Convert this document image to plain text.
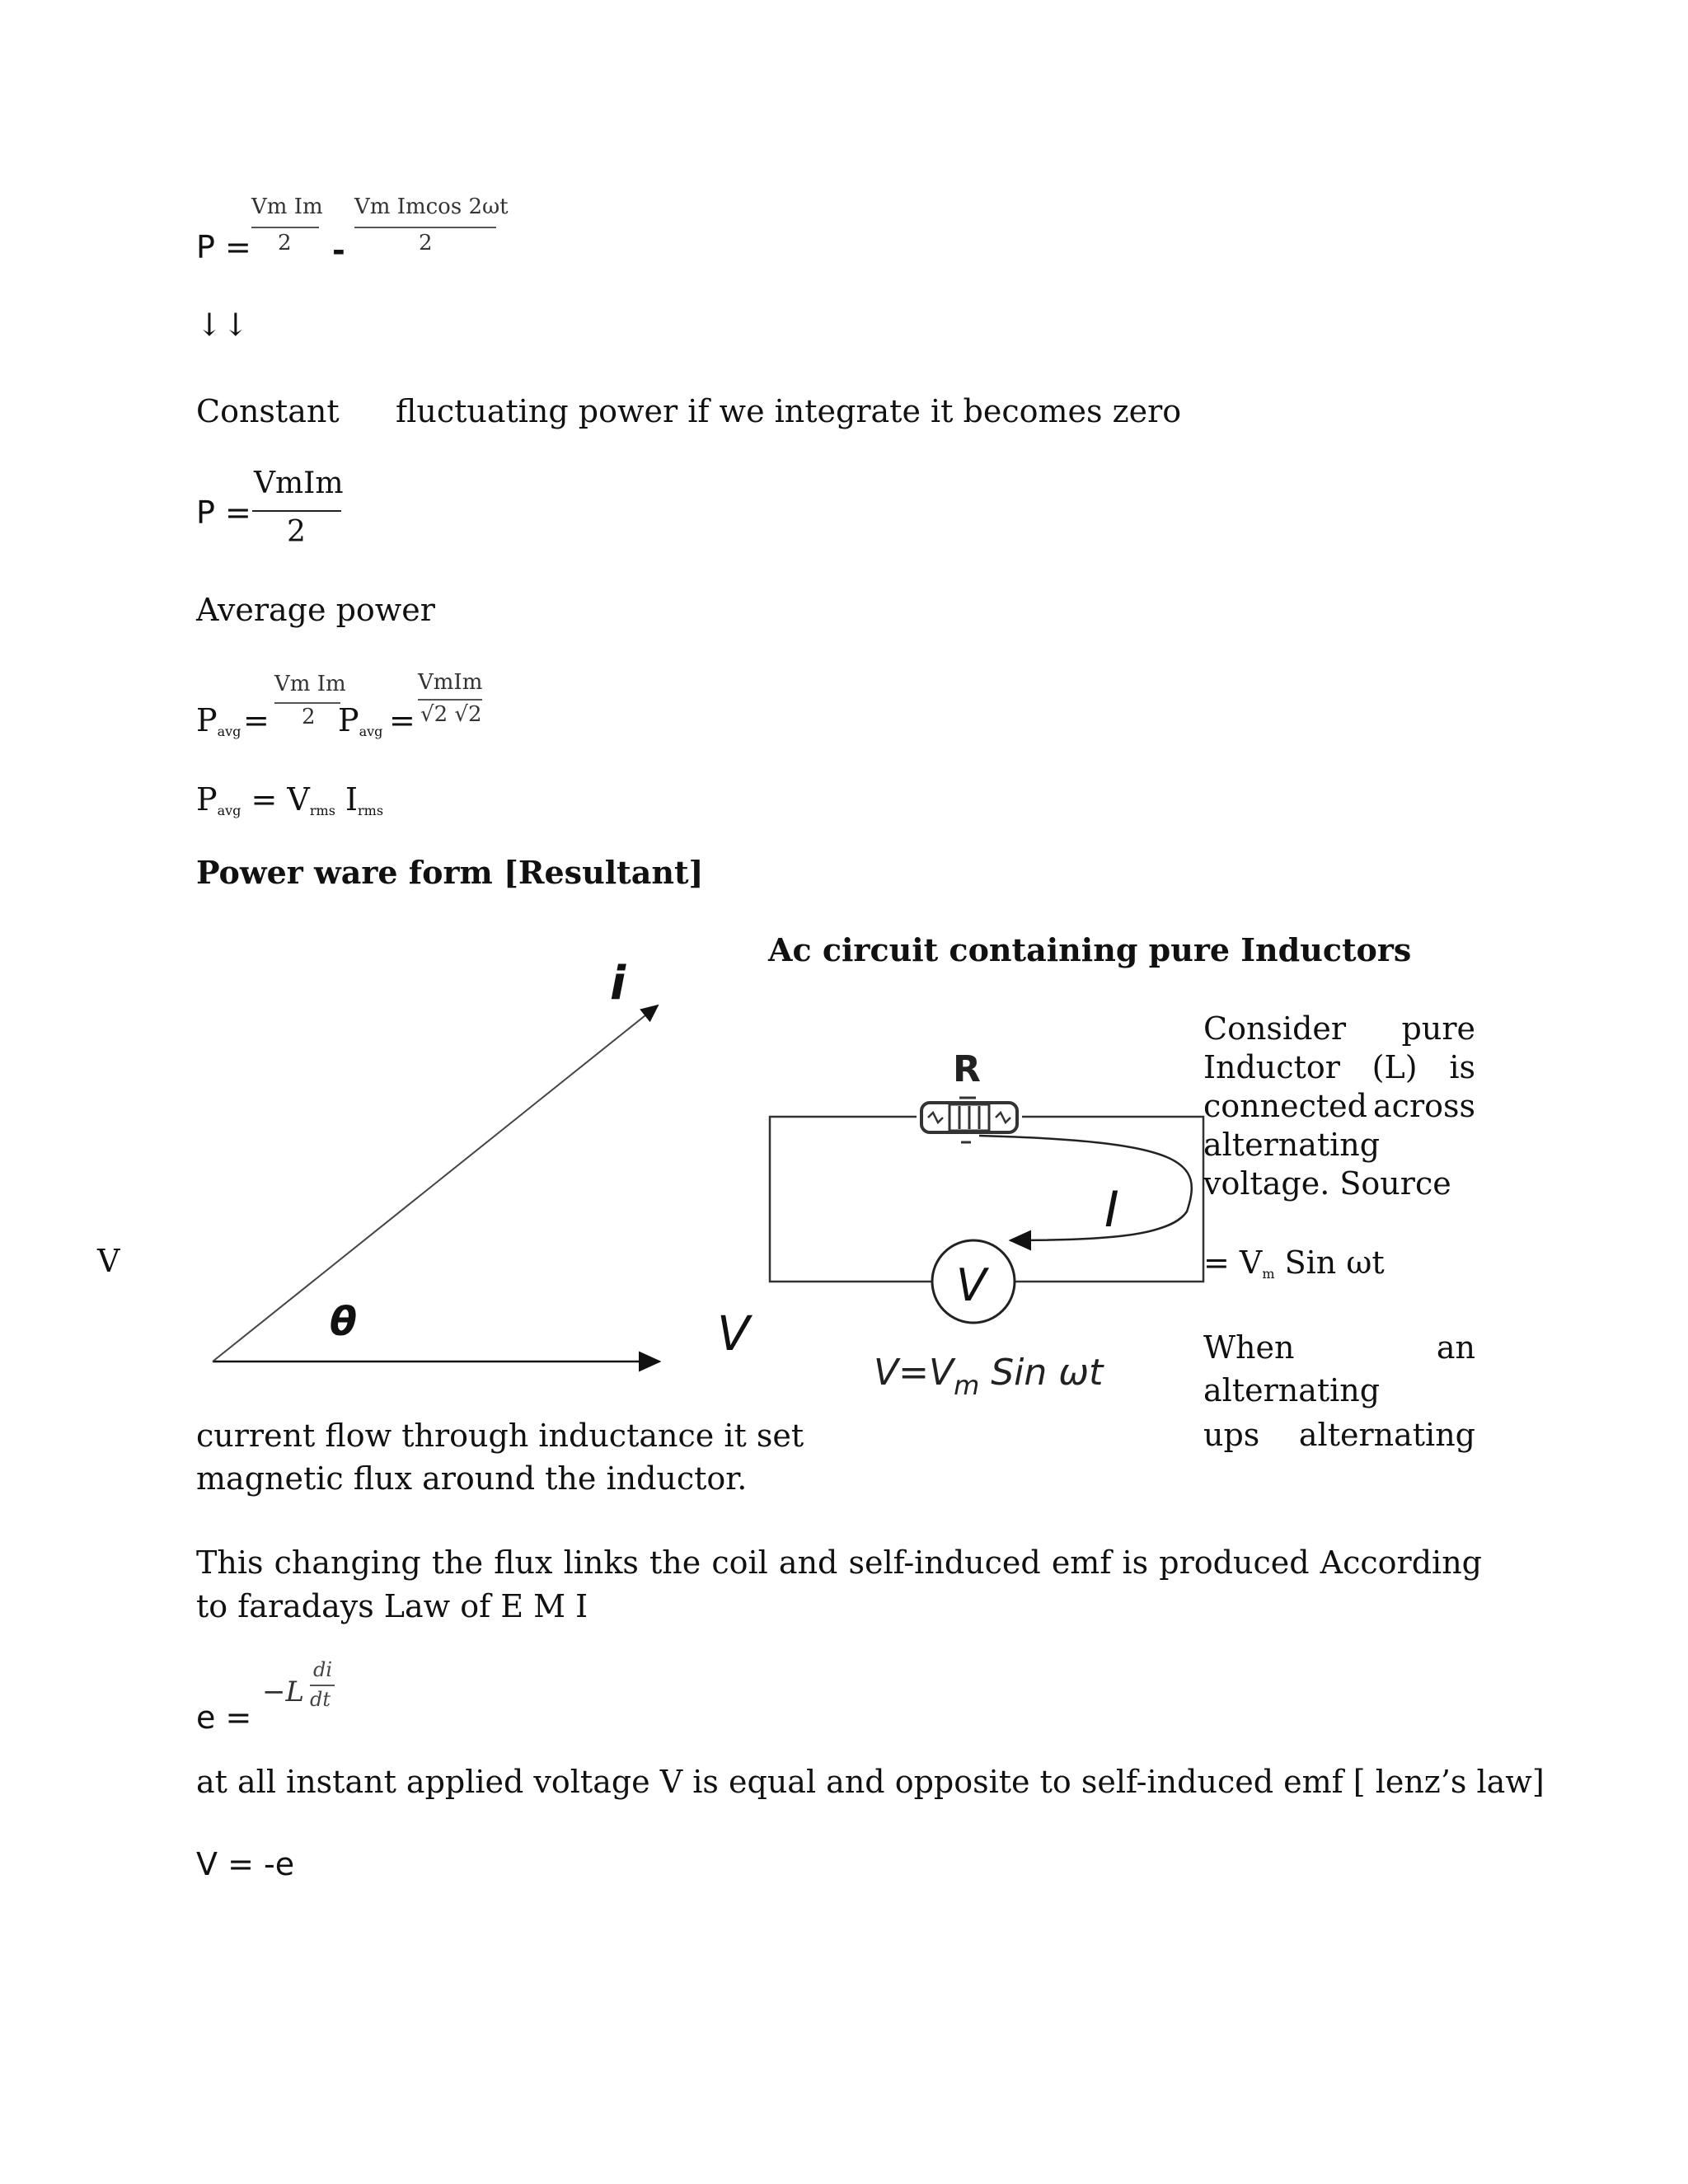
P =
Vm Im
2 -
Vm Imcos 2ωt
2
↓↓
Constant fluctuating power if we integrate it becomes zero
P =
VmIm
2
Average power
$P_{avg}$ =
Vm Im
2 $P_{avg}$ =
VmIm
√2 √2
$P_{avg} = V_{rms}$ $I_{rms}$
Power ware form [Resultant]
V
i
V
θ
Ac circuit containing pure Inductors
R
I
V
$V=V_m$ Sin ωt
Consider pure
Inductor (L) is
connected across
alternating
voltage. Source
= $V_m$ Sin ωt
When	an
alternating
ups alternating
current flow through inductance it set
magnetic flux around the inductor.
This changing the flux links the coil and self-induced emf is produced According to faradays Law of E M I
e =
−L
di
dt
at all instant applied voltage V is equal and opposite to self-induced emf [ lenz’s law]
V = -e
